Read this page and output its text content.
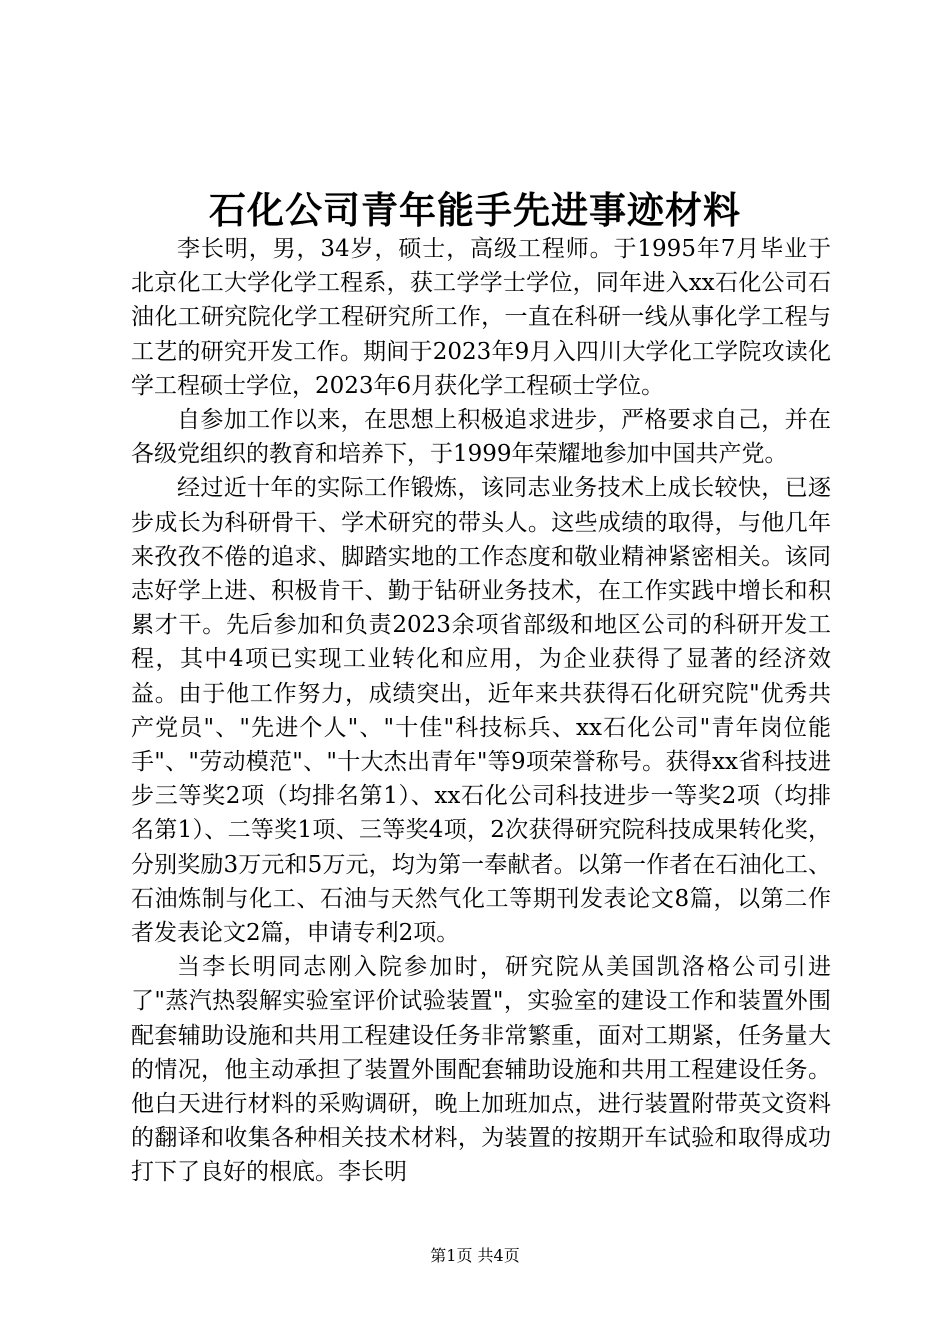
石化公司青年能手先进事迹材料

李长明，男，34岁，硕士，高级工程师。于1995年7月毕业于北京化工大学化学工程系，获工学学士学位，同年进入xx石化公司石油化工研究院化学工程研究所工作，一直在科研一线从事化学工程与工艺的研究开发工作。期间于2023年9月入四川大学化工学院攻读化学工程硕士学位，2023年6月获化学工程硕士学位。

自参加工作以来，在思想上积极追求进步，严格要求自己，并在各级党组织的教育和培养下，于1999年荣耀地参加中国共产党。

经过近十年的实际工作锻炼，该同志业务技术上成长较快，已逐步成长为科研骨干、学术研究的带头人。这些成绩的取得，与他几年来孜孜不倦的追求、脚踏实地的工作态度和敬业精神紧密相关。该同志好学上进、积极肯干、勤于钻研业务技术，在工作实践中增长和积累才干。先后参加和负责2023余项省部级和地区公司的科研开发工程，其中4项已实现工业转化和应用，为企业获得了显著的经济效益。由于他工作努力，成绩突出，近年来共获得石化研究院"优秀共产党员"、"先进个人"、"十佳"科技标兵、xx石化公司"青年岗位能手"、"劳动模范"、"十大杰出青年"等9项荣誉称号。获得xx省科技进步三等奖2项（均排名第1）、xx石化公司科技进步一等奖2项（均排名第1）、二等奖1项、三等奖4项，2次获得研究院科技成果转化奖，分别奖励3万元和5万元，均为第一奉献者。以第一作者在石油化工、石油炼制与化工、石油与天然气化工等期刊发表论文8篇，以第二作者发表论文2篇，申请专利2项。

当李长明同志刚入院参加时，研究院从美国凯洛格公司引进了"蒸汽热裂解实验室评价试验装置"，实验室的建设工作和装置外围配套辅助设施和共用工程建设任务非常繁重，面对工期紧，任务量大的情况，他主动承担了装置外围配套辅助设施和共用工程建设任务。他白天进行材料的采购调研，晚上加班加点，进行装置附带英文资料的翻译和收集各种相关技术材料，为装置的按期开车试验和取得成功打下了良好的根底。李长明

第1页 共4页
